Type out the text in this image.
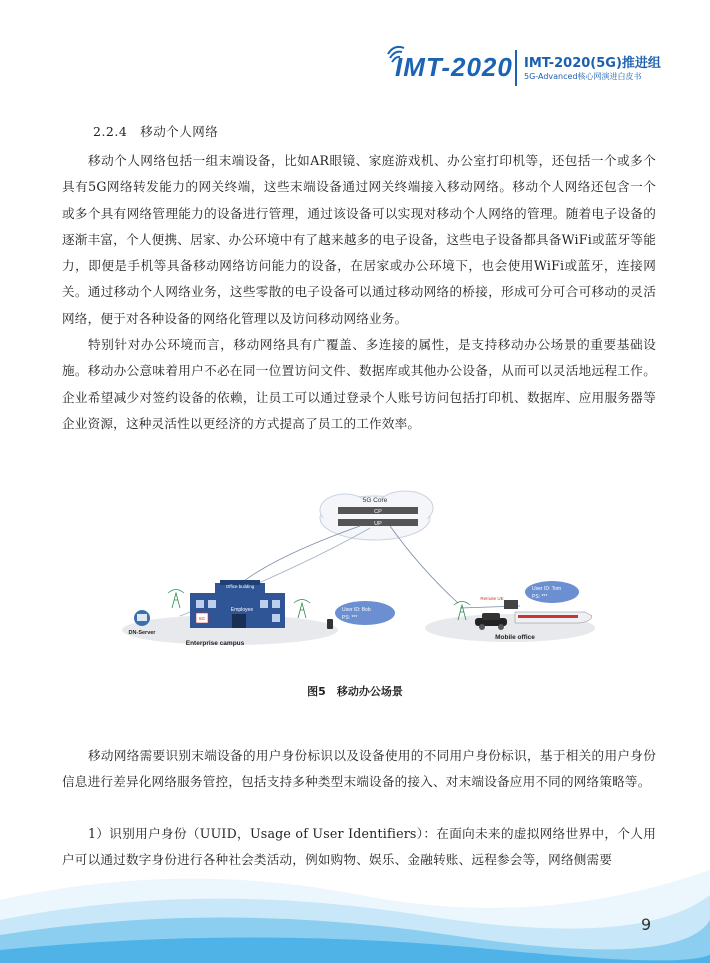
IMT-2020 IMT-2020(5G)推进组
5G-Advanced核心网演进白皮书
2.2.4　移动个人网络

移动个人网络包括一组末端设备，比如AR眼镜、家庭游戏机、办公室打印机等，还包括一个或多个具有5G网络转发能力的网关终端，这些末端设备通过网关终端接入移动网络。移动个人网络还包含一个或多个具有网络管理能力的设备进行管理，通过该设备可以实现对移动个人网络的管理。随着电子设备的逐渐丰富，个人便携、居家、办公环境中有了越来越多的电子设备，这些电子设备都具备WiFi或蓝牙等能力，即便是手机等具备移动网络访问能力的设备，在居家或办公环境下，也会使用WiFi或蓝牙，连接网关。通过移动个人网络业务，这些零散的电子设备可以通过移动网络的桥接，形成可分可合可移动的灵活网络，便于对各种设备的网络化管理以及访问移动网络业务。

特别针对办公环境而言，移动网络具有广覆盖、多连接的属性，是支持移动办公场景的重要基础设施。移动办公意味着用户不必在同一位置访问文件、数据库或其他办公设备，从而可以灵活地远程工作。企业希望减少对签约设备的依赖，让员工可以通过登录个人账号访问包括打印机、数据库、应用服务器等企业资源，这种灵活性以更经济的方式提高了员工的工作效率。

5G Core
CP
UP
Office building
Employee
5G
DN-Server
Enterprise campus
User ID: Bob
PS: ***
Remote UE
User ID: Tom
PS: ***
Mobile office
图5　移动办公场景

移动网络需要识别末端设备的用户身份标识以及设备使用的不同用户身份标识，基于相关的用户身份信息进行差异化网络服务管控，包括支持多种类型末端设备的接入、对末端设备应用不同的网络策略等。

1）识别用户身份（UUID，Usage of User Identifiers）：在面向未来的虚拟网络世界中，个人用户可以通过数字身份进行各种社会类活动，例如购物、娱乐、金融转账、远程参会等，网络侧需要

9
